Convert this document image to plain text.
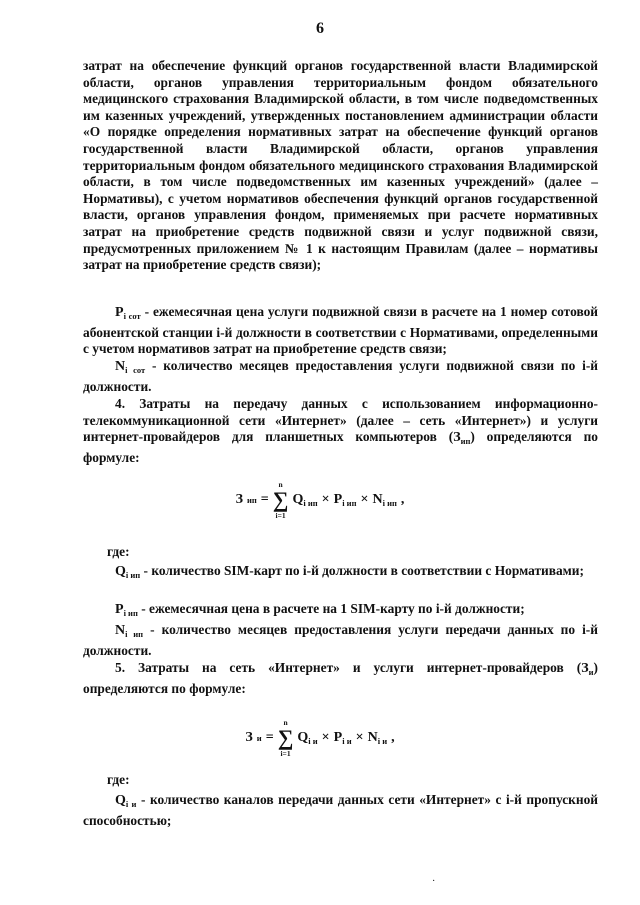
6
затрат на обеспечение функций органов государственной власти Владимирской области, органов управления территориальным фондом обязательного медицинского страхования Владимирской области, в том числе подведомственных им казенных учреждений, утвержденных постановлением администрации области «О порядке определения нормативных затрат на обеспечение функций органов государственной власти Владимирской области, органов управления территориальным фондом обязательного медицинского страхования Владимирской области, в том числе подведомственных им казенных учреждений» (далее – Нормативы), с учетом нормативов обеспечения функций органов государственной власти, органов управления фондом, применяемых при расчете нормативных затрат на приобретение средств подвижной связи и услуг подвижной связи, предусмотренных приложением № 1 к настоящим Правилам (далее – нормативы затрат на приобретение средств связи);
$P_{i сот}$ - ежемесячная цена услуги подвижной связи в расчете на 1 номер сотовой абонентской станции i-й должности в соответствии с Нормативами, определенными с учетом нормативов затрат на приобретение средств связи;
$N_{i сот}$ - количество месяцев предоставления услуги подвижной связи по i-й должности.
4. Затраты на передачу данных с использованием информационно-телекоммуникационной сети «Интернет» (далее – сеть «Интернет») и услуги интернет-провайдеров для планшетных компьютеров $(З_{ип})$ определяются по формуле:
З ип =
n
∑
i=1
$Q_{i ип} \times P_{i ип} \times N_{i ип}$ ,
где:
$Q_{i ип}$ - количество SIM-карт по i-й должности в соответствии с Нормативами;
$P_{i ип}$ - ежемесячная цена в расчете на 1 SIM-карту по i-й должности;
$N_{i ип}$ - количество месяцев предоставления услуги передачи данных по i-й должности.
5. Затраты на сеть «Интернет» и услуги интернет-провайдеров $(З_и)$ определяются по формуле:
З и =
n
∑
i=1
$Q_{i и} \times P_{i и} \times N_{i и}$ ,
где:
$Q_{i и}$ - количество каналов передачи данных сети «Интернет» с i-й пропускной способностью;
·
